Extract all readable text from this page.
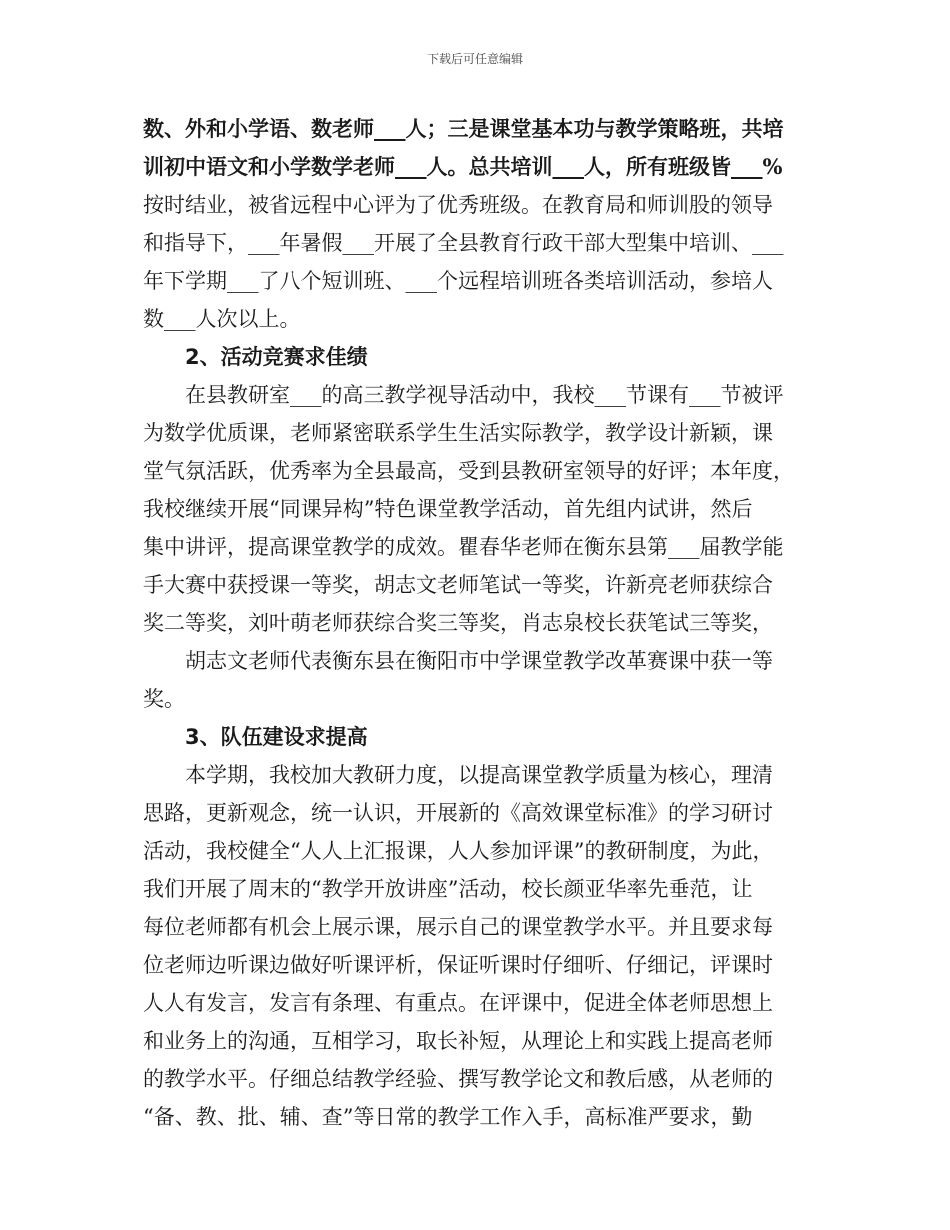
下载后可任意编辑
数、外和小学语、数老师___人；三是课堂基本功与教学策略班，共培
训初中语文和小学数学老师___人。总共培训___人，所有班级皆___%
按时结业，被省远程中心评为了优秀班级。在教育局和师训股的领导
和指导下，___年暑假___开展了全县教育行政干部大型集中培训、___
年下学期___了八个短训班、___个远程培训班各类培训活动，参培人
数___人次以上。
2、活动竞赛求佳绩
在县教研室___的高三教学视导活动中，我校___节课有___节被评
为数学优质课，老师紧密联系学生生活实际教学，教学设计新颖，课
堂气氛活跃，优秀率为全县最高，受到县教研室领导的好评；本年度，
我校继续开展“同课异构”特色课堂教学活动，首先组内试讲，然后
集中讲评，提高课堂教学的成效。瞿春华老师在衡东县第___届教学能
手大赛中获授课一等奖，胡志文老师笔试一等奖，许新亮老师获综合
奖二等奖，刘叶萌老师获综合奖三等奖，肖志泉校长获笔试三等奖，
胡志文老师代表衡东县在衡阳市中学课堂教学改革赛课中获一等
奖。
3、队伍建设求提高
本学期，我校加大教研力度，以提高课堂教学质量为核心，理清
思路，更新观念，统一认识，开展新的《高效课堂标准》的学习研讨
活动，我校健全“人人上汇报课，人人参加评课”的教研制度，为此，
我们开展了周末的“教学开放讲座”活动，校长颜亚华率先垂范，让
每位老师都有机会上展示课，展示自己的课堂教学水平。并且要求每
位老师边听课边做好听课评析，保证听课时仔细听、仔细记，评课时
人人有发言，发言有条理、有重点。在评课中，促进全体老师思想上
和业务上的沟通，互相学习，取长补短，从理论上和实践上提高老师
的教学水平。仔细总结教学经验、撰写教学论文和教后感，从老师的
“备、教、批、辅、查”等日常的教学工作入手，高标准严要求，勤
